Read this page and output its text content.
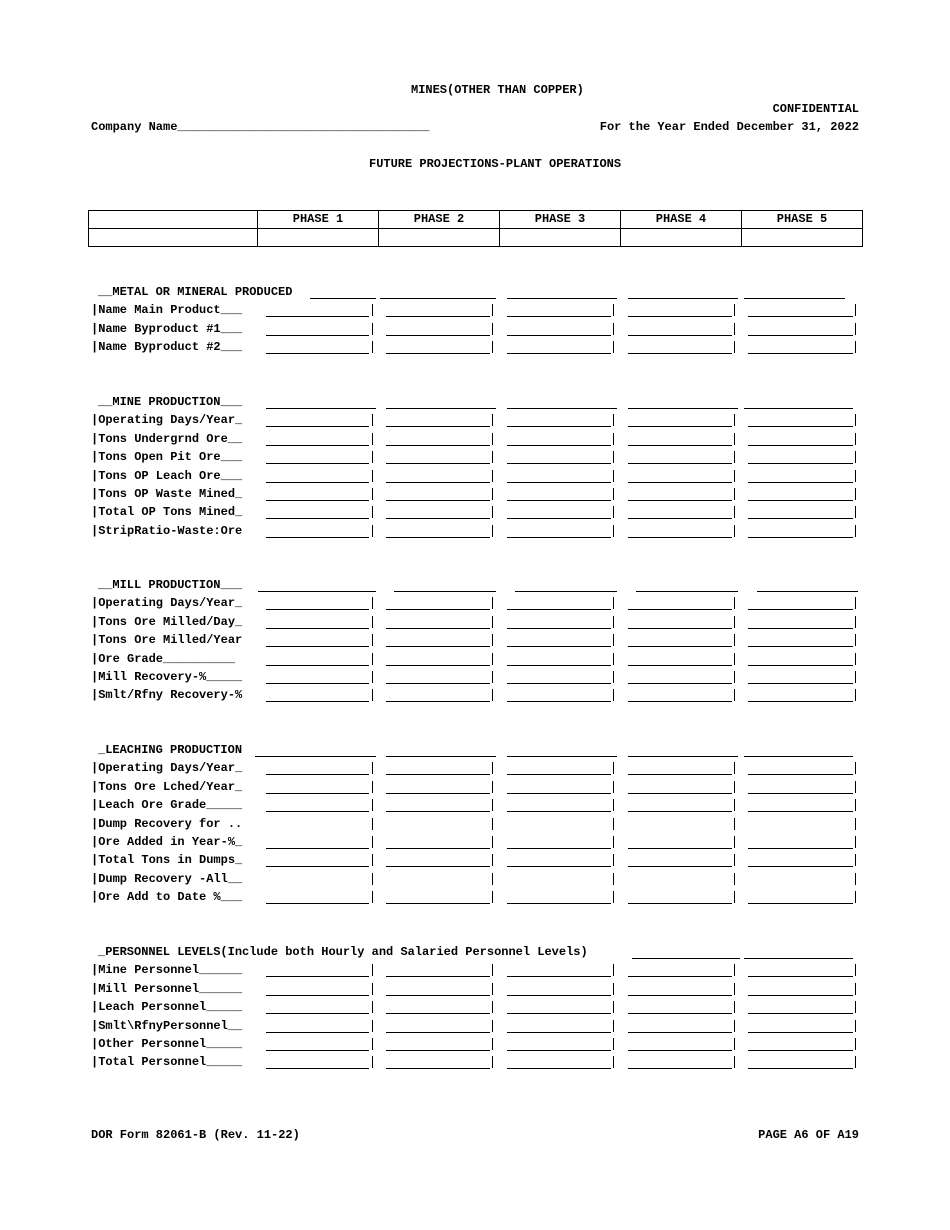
MINES(OTHER THAN COPPER)
CONFIDENTIAL
Company Name___________________________________	For the Year Ended December 31, 2022
FUTURE PROJECTIONS-PLANT OPERATIONS
	PHASE 1	PHASE 2	PHASE 3	PHASE 4	PHASE 5

__METAL OR MINERAL PRODUCED
|Name Main Product___
|Name Byproduct #1___
|Name Byproduct #2___
__MINE PRODUCTION___
|Operating Days/Year_
|Tons Undergrnd Ore__
|Tons Open Pit Ore___
|Tons OP Leach Ore___
|Tons OP Waste Mined_
|Total OP Tons Mined_
|StripRatio-Waste:Ore
__MILL PRODUCTION___
|Operating Days/Year_
|Tons Ore Milled/Day_
|Tons Ore Milled/Year
|Ore Grade__________
|Mill Recovery-%_____
|Smlt/Rfny Recovery-%
_LEACHING PRODUCTION
|Operating Days/Year_
|Tons Ore Lched/Year_
|Leach Ore Grade_____
|Dump Recovery for ..
|Ore Added in Year-%_
|Total Tons in Dumps_
|Dump Recovery -All__
|Ore Add to Date %___
_PERSONNEL LEVELS(Include both Hourly and Salaried Personnel Levels)
|Mine Personnel______
|Mill Personnel______
|Leach Personnel_____
|Smlt\RfnyPersonnel__
|Other Personnel_____
|Total Personnel_____
DOR Form 82061-B (Rev. 11-22)	PAGE A6 OF A19
